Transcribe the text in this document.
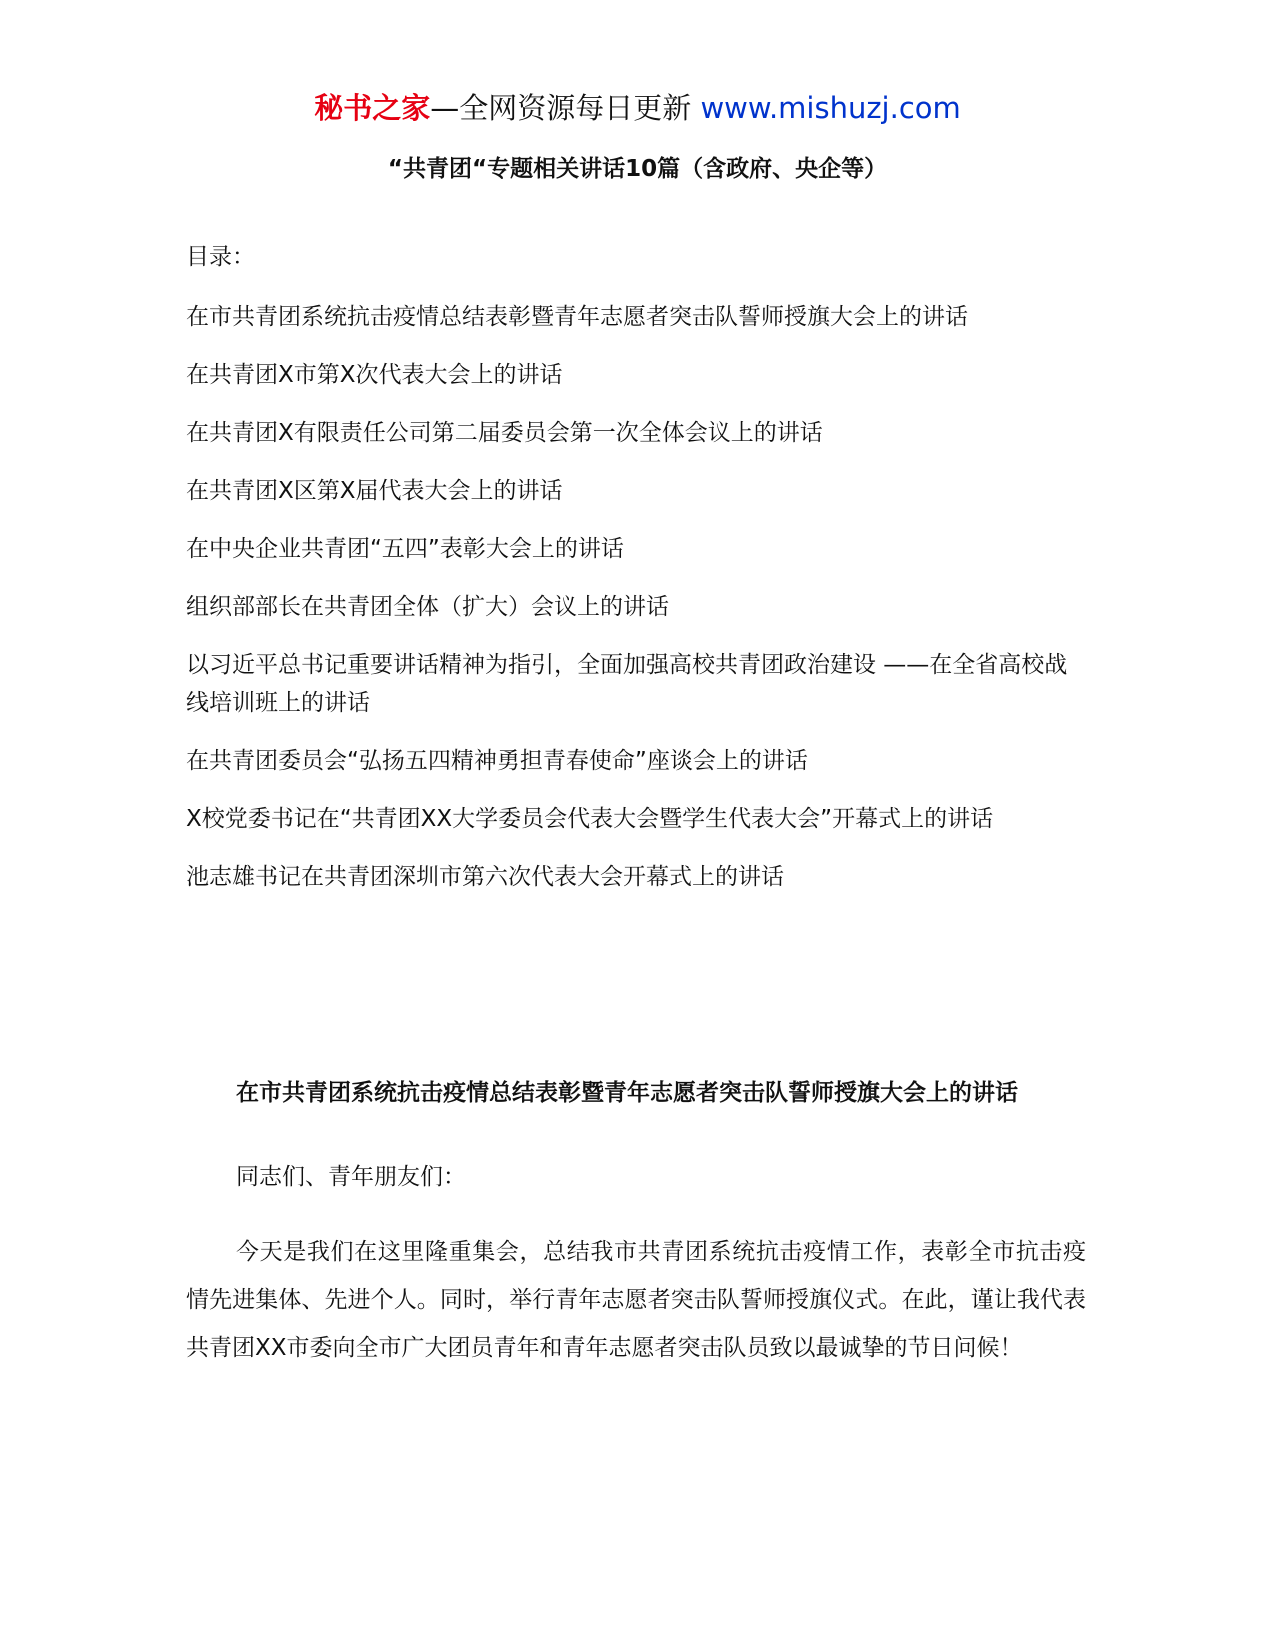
秘书之家—全网资源每日更新 www.mishuzj.com
“共青团“专题相关讲话10篇（含政府、央企等）
目录：
在市共青团系统抗击疫情总结表彰暨青年志愿者突击队誓师授旗大会上的讲话
在共青团X市第X次代表大会上的讲话
在共青团X有限责任公司第二届委员会第一次全体会议上的讲话
在共青团X区第X届代表大会上的讲话
在中央企业共青团“五四”表彰大会上的讲话
组织部部长在共青团全体（扩大）会议上的讲话
以习近平总书记重要讲话精神为指引，全面加强高校共青团政治建设 ——在全省高校战线培训班上的讲话
在共青团委员会“弘扬五四精神勇担青春使命”座谈会上的讲话
X校党委书记在“共青团XX大学委员会代表大会暨学生代表大会”开幕式上的讲话
池志雄书记在共青团深圳市第六次代表大会开幕式上的讲话
在市共青团系统抗击疫情总结表彰暨青年志愿者突击队誓师授旗大会上的讲话
同志们、青年朋友们：

今天是我们在这里隆重集会，总结我市共青团系统抗击疫情工作，表彰全市抗击疫情先进集体、先进个人。同时，举行青年志愿者突击队誓师授旗仪式。在此，谨让我代表共青团XX市委向全市广大团员青年和青年志愿者突击队员致以最诚挚的节日问候！
